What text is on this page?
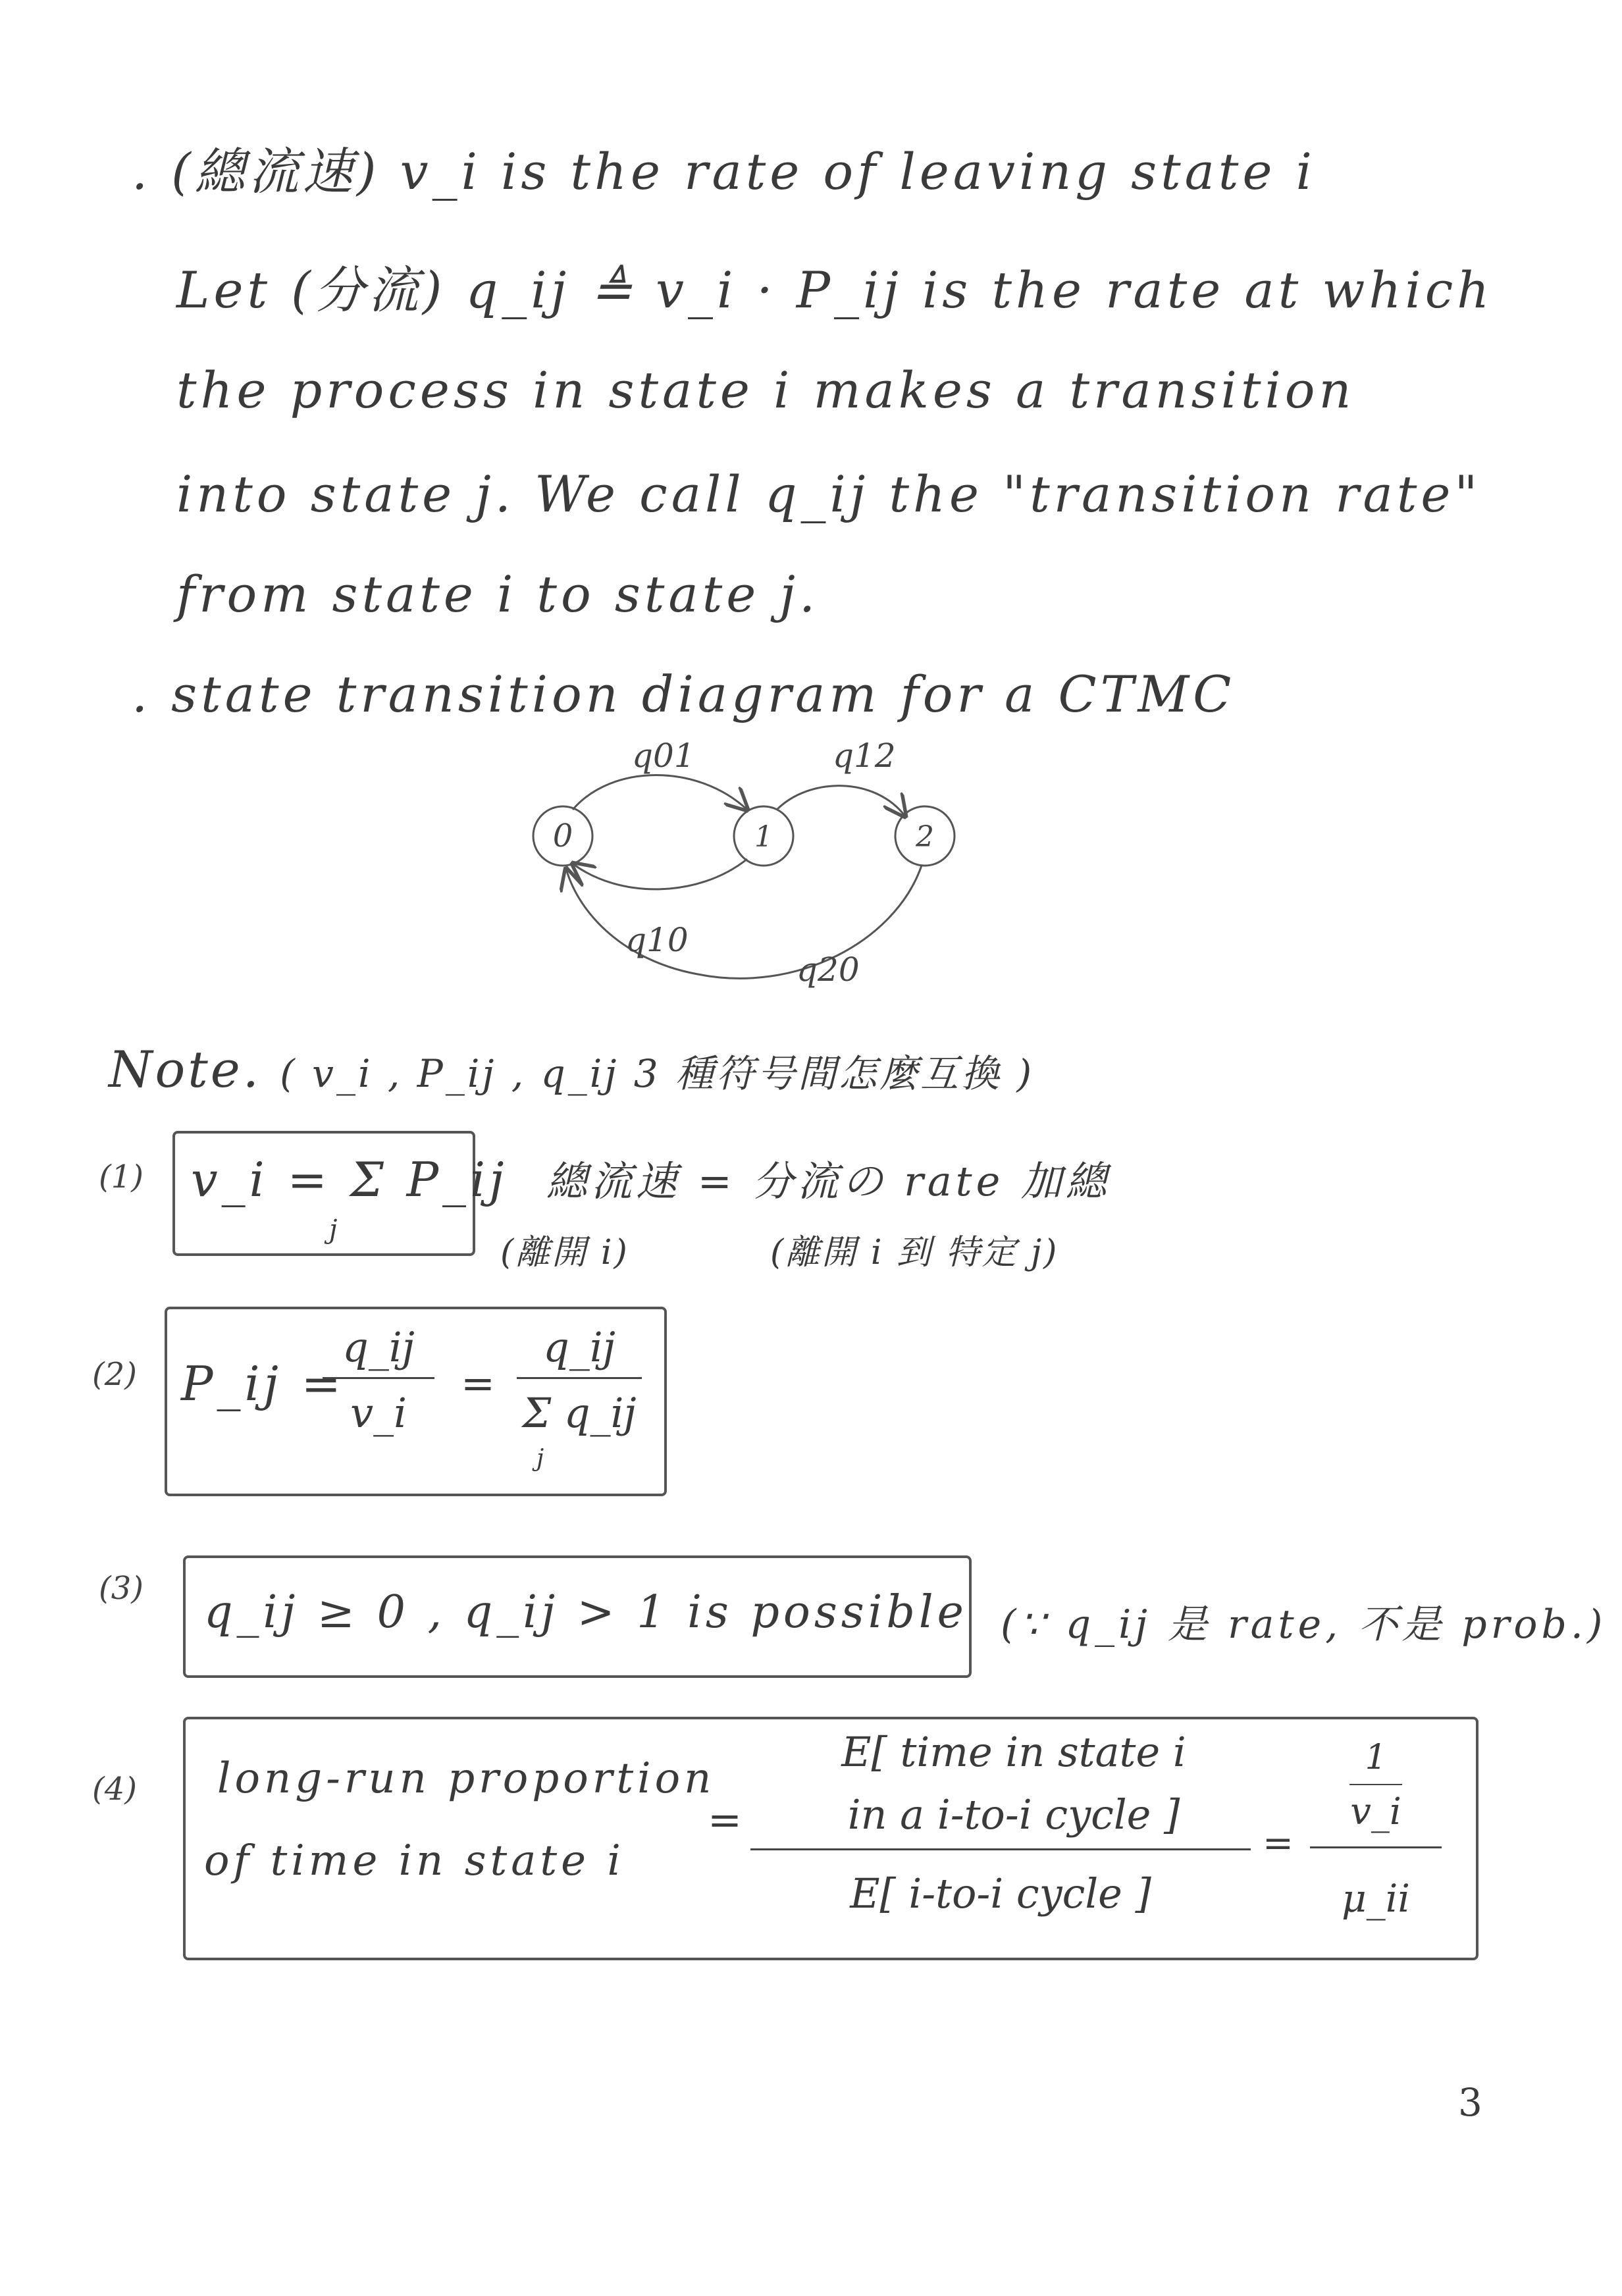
. (總流速) v_i is the rate of leaving state i
Let (分流) q_ij ≜ v_i · P_ij is the rate at which
the process in state i makes a transition
into state j. We call q_ij the "transition rate"
from state i to state j.
. state transition diagram for a CTMC
0	1	2
q01	q12
q10
q20
Note. ( v_i , P_ij , q_ij 3 種符号間怎麼互換 )
(1) v_i = Σ P_ij
j
總流速 = 分流の rate 加總
(離開 i)	(離開 i 到 特定 j)
(2) P_ij =
q_ij
v_i
=
q_ij
Σ q_ij
j
(3) q_ij ≥ 0 , q_ij > 1 is possible (∵ q_ij 是 rate, 不是 prob.)
(4) long-run proportion
of time in state i
=
E[ time in state i
in a i-to-i cycle ]
E[ i-to-i cycle ]
=
1
v_i
μ_ii
3
